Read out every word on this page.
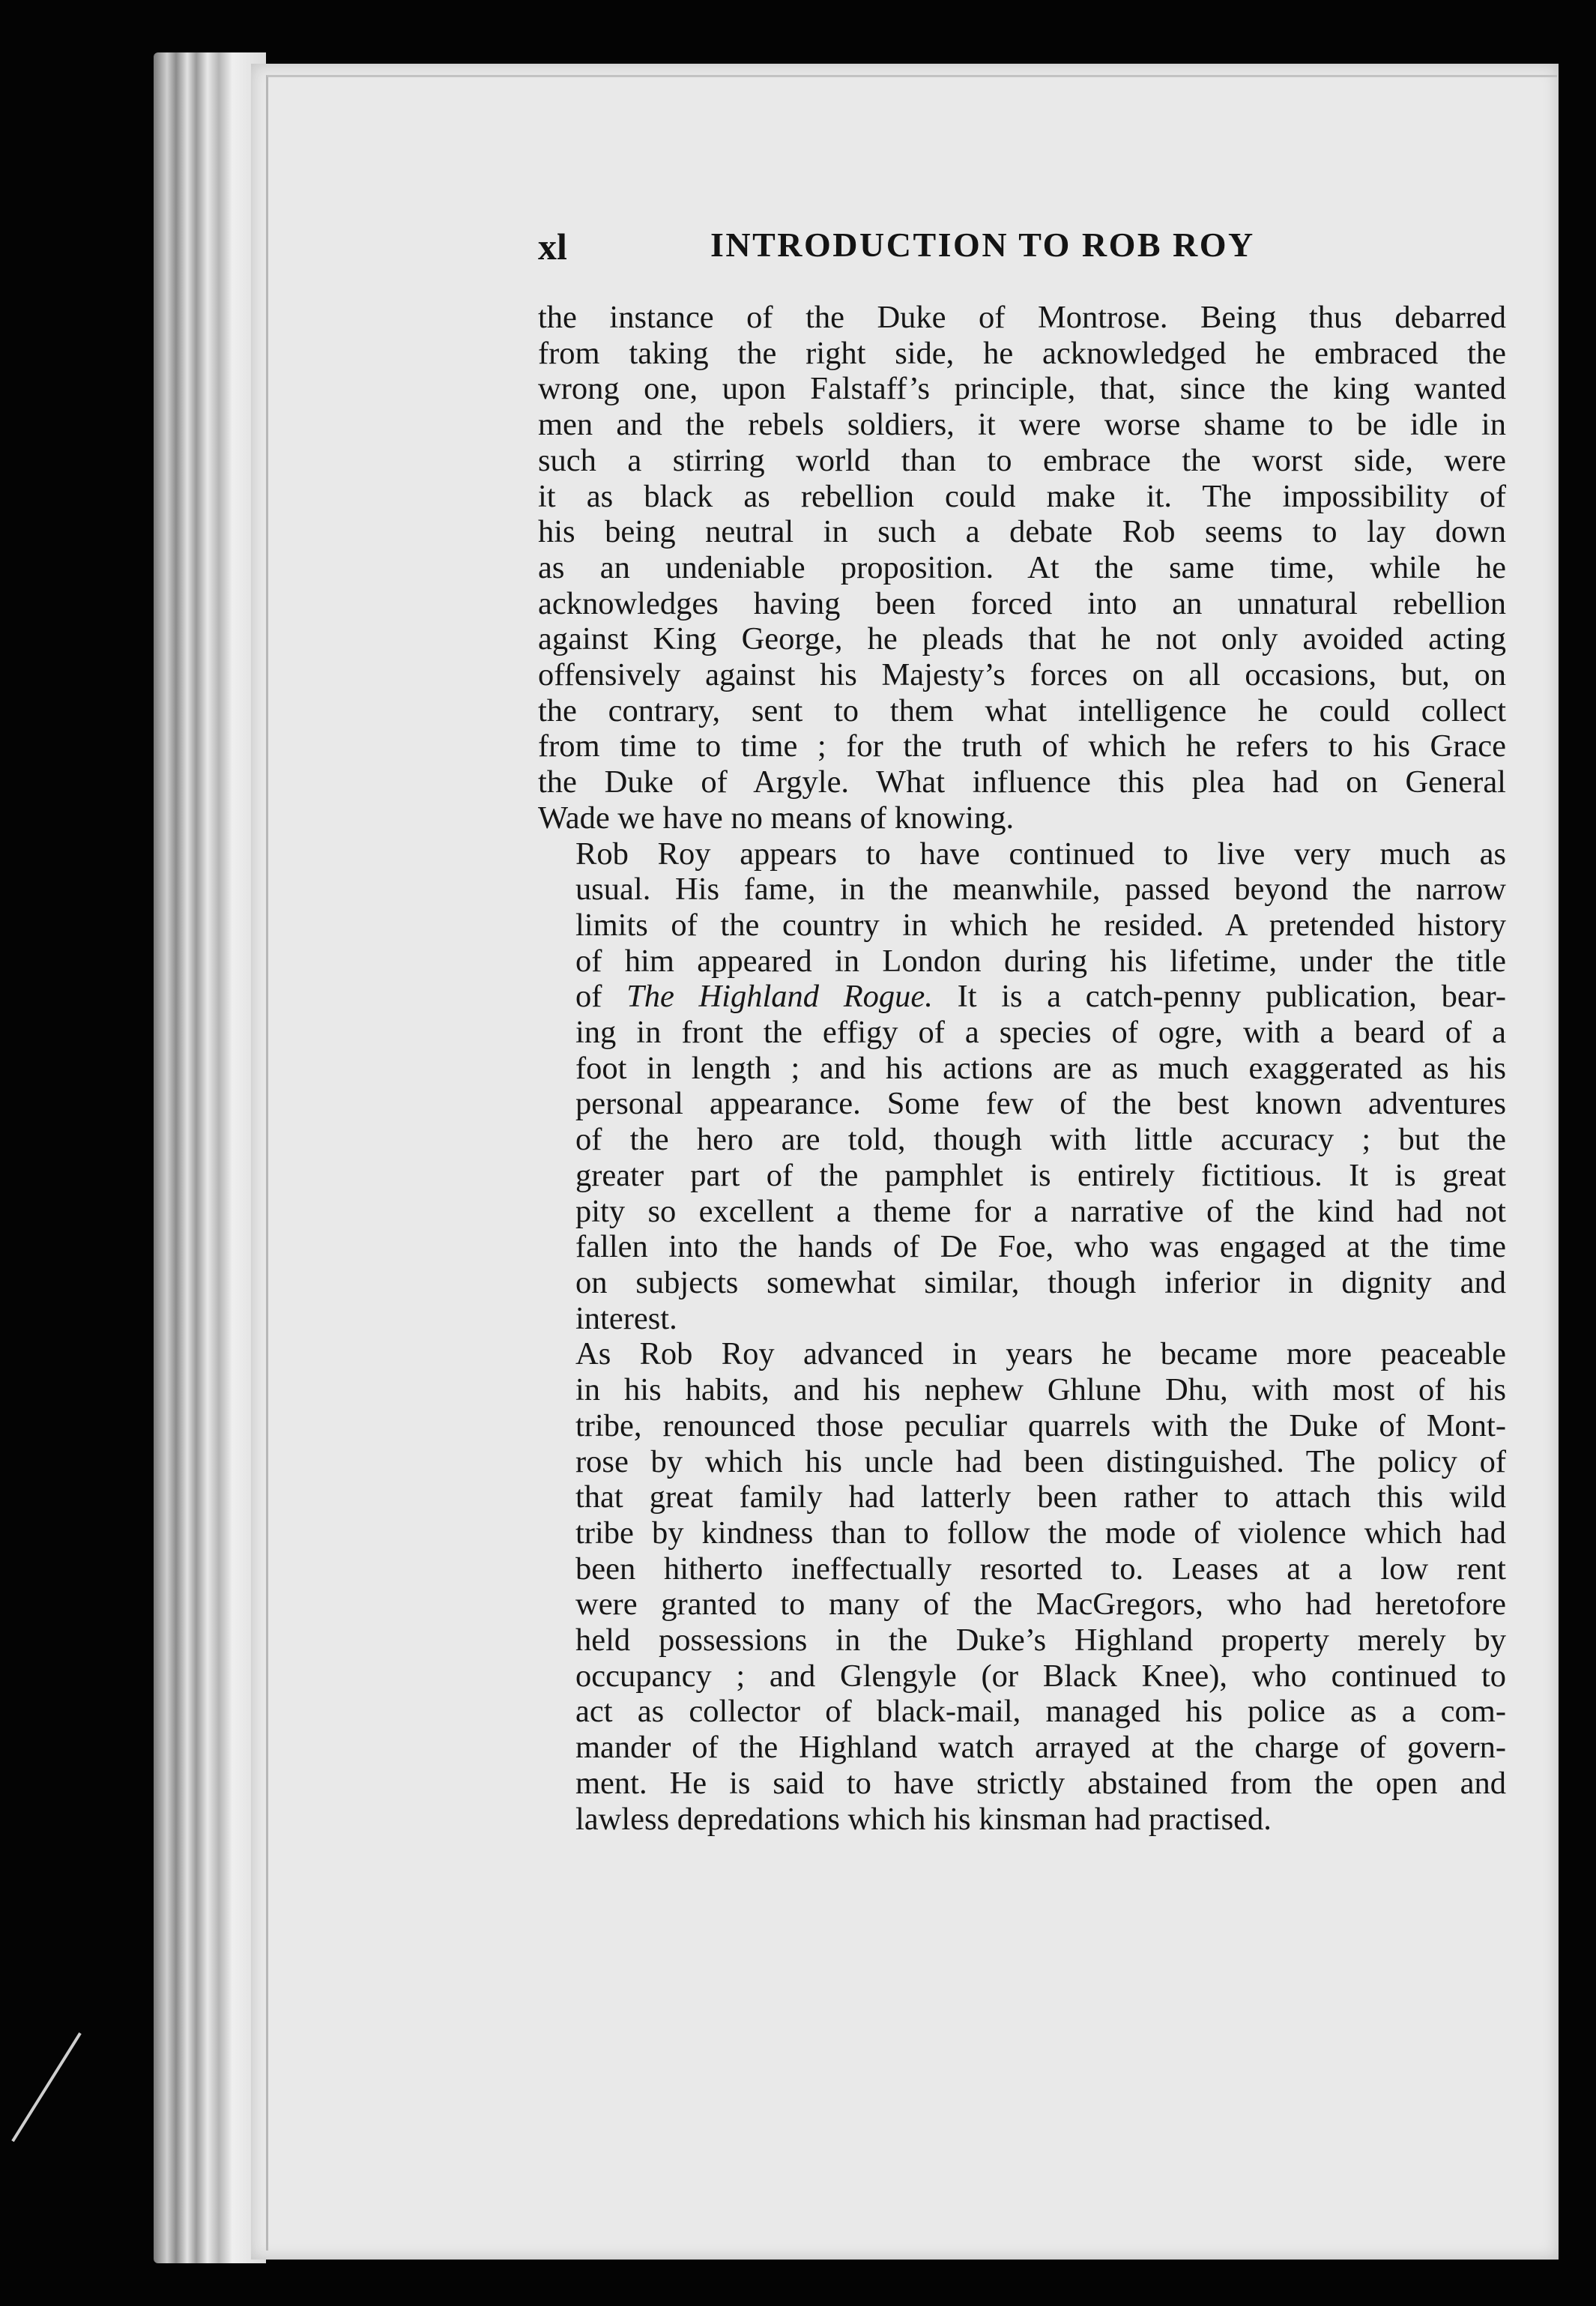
xl	INTRODUCTION TO ROB ROY

the instance of the Duke of Montrose. Being thus debarred
from taking the right side, he acknowledged he embraced the
wrong one, upon Falstaff’s principle, that, since the king wanted
men and the rebels soldiers, it were worse shame to be idle in
such a stirring world than to embrace the worst side, were
it as black as rebellion could make it. The impossibility of
his being neutral in such a debate Rob seems to lay down
as an undeniable proposition. At the same time, while he
acknowledges having been forced into an unnatural rebellion
against King George, he pleads that he not only avoided acting
offensively against his Majesty’s forces on all occasions, but, on
the contrary, sent to them what intelligence he could collect
from time to time ; for the truth of which he refers to his Grace
the Duke of Argyle. What influence this plea had on General
Wade we have no means of knowing.

Rob Roy appears to have continued to live very much as
usual. His fame, in the meanwhile, passed beyond the narrow
limits of the country in which he resided. A pretended history
of him appeared in London during his lifetime, under the title
of The Highland Rogue. It is a catch-penny publication, bear-
ing in front the effigy of a species of ogre, with a beard of a
foot in length ; and his actions are as much exaggerated as his
personal appearance. Some few of the best known adventures
of the hero are told, though with little accuracy ; but the
greater part of the pamphlet is entirely fictitious. It is great
pity so excellent a theme for a narrative of the kind had not
fallen into the hands of De Foe, who was engaged at the time
on subjects somewhat similar, though inferior in dignity and
interest.

As Rob Roy advanced in years he became more peaceable
in his habits, and his nephew Ghlune Dhu, with most of his
tribe, renounced those peculiar quarrels with the Duke of Mont-
rose by which his uncle had been distinguished. The policy of
that great family had latterly been rather to attach this wild
tribe by kindness than to follow the mode of violence which had
been hitherto ineffectually resorted to. Leases at a low rent
were granted to many of the MacGregors, who had heretofore
held possessions in the Duke’s Highland property merely by
occupancy ; and Glengyle (or Black Knee), who continued to
act as collector of black-mail, managed his police as a com-
mander of the Highland watch arrayed at the charge of govern-
ment. He is said to have strictly abstained from the open and
lawless depredations which his kinsman had practised.
